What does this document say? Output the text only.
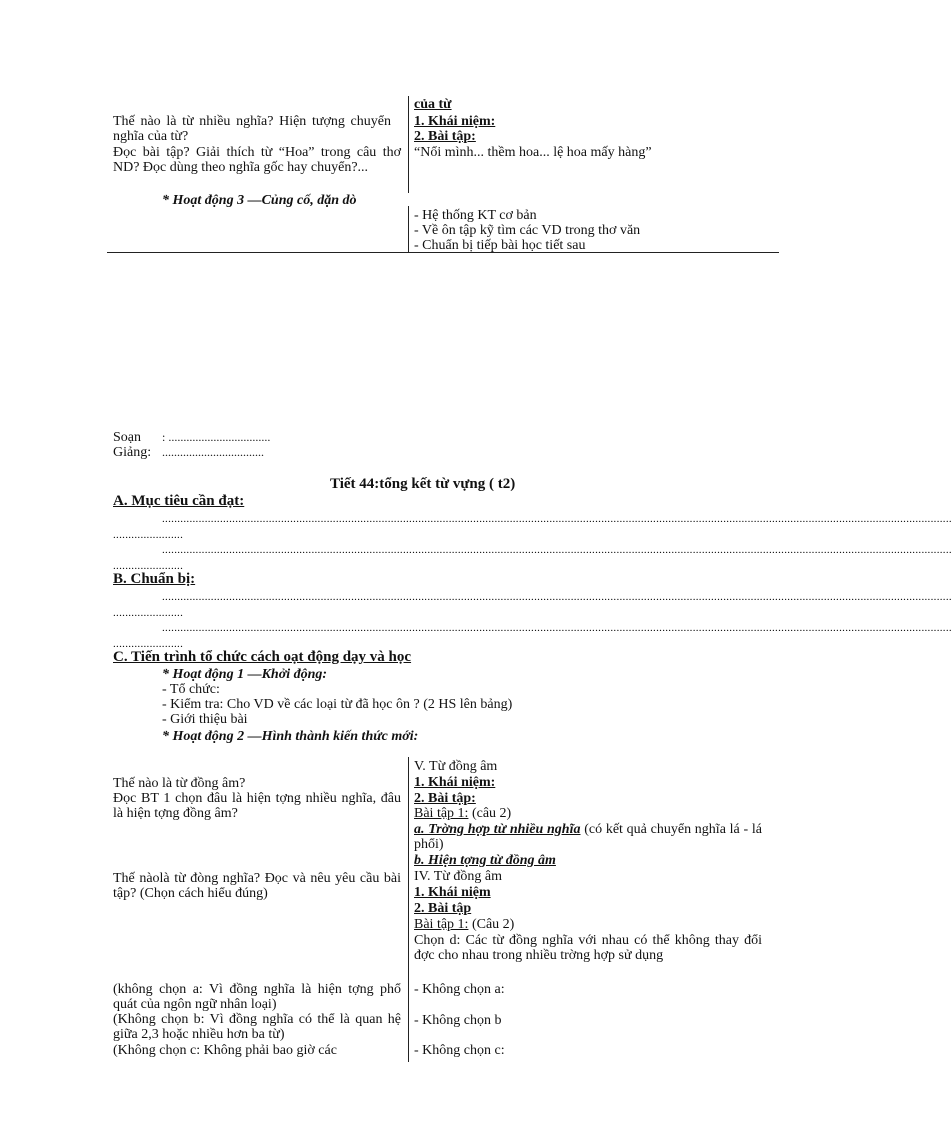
Thế nào là từ nhiều nghĩa? Hiện tượng chuyển nghĩa của từ?
Đọc bài tập? Giải thích từ “Hoa” trong câu thơ ND? Đọc dùng theo nghĩa gốc hay chuyển?...
của từ
1. Khái niệm:
2. Bài tập:
“Nổi mình... thềm hoa... lệ hoa mấy hàng”
* Hoạt động 3 —Củng cố, dặn dò
- Hệ thống KT cơ bản
- Về ôn tập kỹ tìm các VD trong thơ văn
- Chuẩn bị tiếp bài học tiết sau
Soạn : ..................................
Giảng: ..................................
Tiết 44:tổng kết từ vựng ( t2)
A. Mục tiêu cần đạt:
...................................................................................................................................................................................................................................................................
.......................
...................................................................................................................................................................................................................................................................
.......................
B. Chuẩn bị:
...................................................................................................................................................................................................................................................................
.......................
...................................................................................................................................................................................................................................................................
.......................
C. Tiến trình tổ chức cách oạt động dạy và học
* Hoạt động 1 —Khởi động:
- Tổ chức:
- Kiểm tra: Cho VD về các loại từ đã học ôn ? (2 HS lên bảng)
- Giới thiệu bài
* Hoạt động 2 —Hình thành kiến thức mới:
Thế nào là từ đồng âm?
Đọc BT 1 chọn đâu là hiện tợng nhiều nghĩa, đâu là hiện tợng đồng âm?
Thế nàolà từ đòng nghĩa? Đọc và nêu yêu cầu bài tập? (Chọn cách hiểu đúng)
(không chọn a: Vì đồng nghĩa là hiện tợng phổ quát của ngôn ngữ nhân loại)
(Không chọn b: Vì đồng nghĩa có thể là quan hệ giữa 2,3 hoặc nhiều hơn ba từ)
(Không chọn c: Không phải bao giờ các
V. Từ đồng âm
1. Khái niệm:
2. Bài tập:
Bài tập 1: (câu 2)
a. Trờng hợp từ nhiều nghĩa (có kết quả chuyển nghĩa lá - lá phổi)
b. Hiện tợng từ đồng âm
IV. Từ đồng âm
1. Khái niệm
2. Bài tập
Bài tập 1: (Câu 2)
Chọn d: Các từ đồng nghĩa với nhau có thể không thay đổi đợc cho nhau trong nhiều trờng hợp sử dụng
- Không chọn a:
- Không chọn b
- Không chọn c:
